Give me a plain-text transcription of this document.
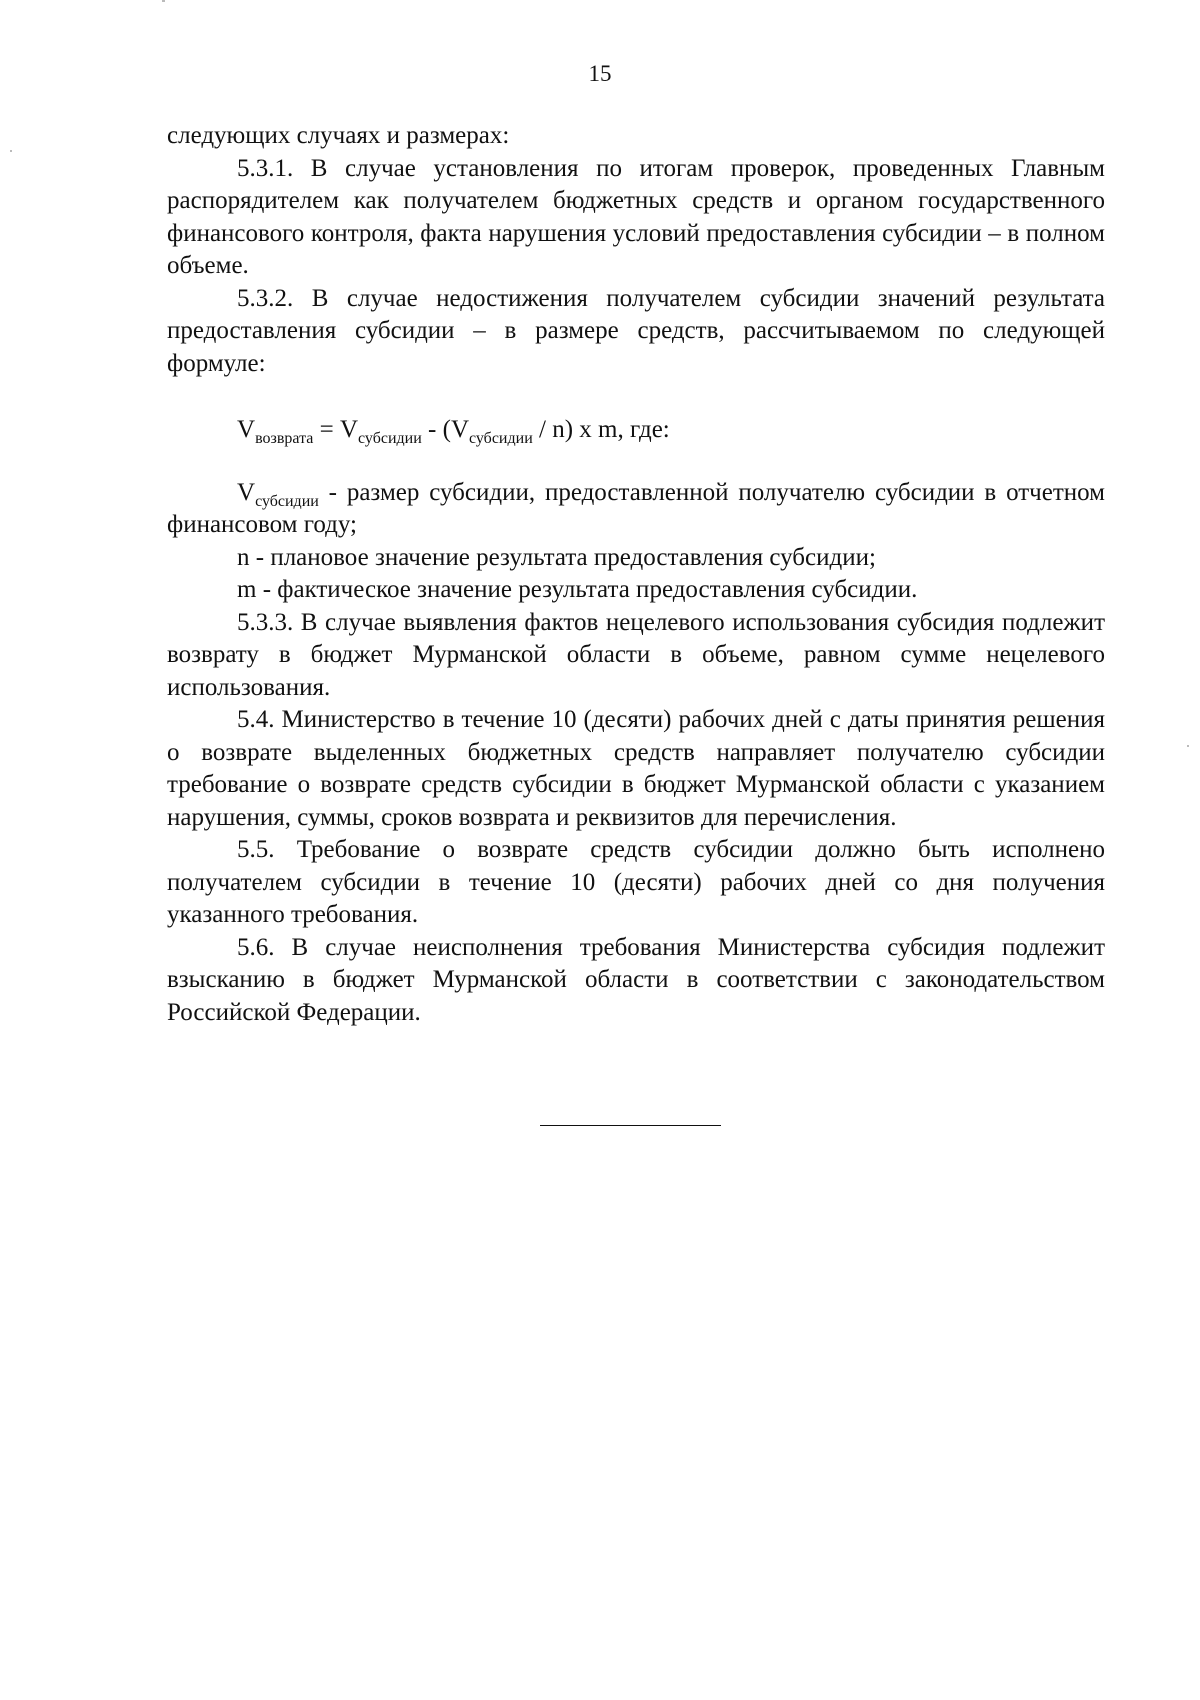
15

следующих случаях и размерах:

5.3.1. В случае установления по итогам проверок, проведенных Главным распорядителем как получателем бюджетных средств и органом государственного финансового контроля, факта нарушения условий предоставления субсидии – в полном объеме.

5.3.2. В случае недостижения получателем субсидии значений результата предоставления субсидии – в размере средств, рассчитываемом по следующей формуле:

$V_{возврата} = V_{субсидии} - (V_{субсидии} / n)$ x m, где:

$V_{субсидии}$ - размер субсидии, предоставленной получателю субсидии в отчетном финансовом году;

n - плановое значение результата предоставления субсидии;

m - фактическое значение результата предоставления субсидии.

5.3.3. В случае выявления фактов нецелевого использования субсидия подлежит возврату в бюджет Мурманской области в объеме, равном сумме нецелевого использования.

5.4. Министерство в течение 10 (десяти) рабочих дней с даты принятия решения о возврате выделенных бюджетных средств направляет получателю субсидии требование о возврате средств субсидии в бюджет Мурманской области с указанием нарушения, суммы, сроков возврата и реквизитов для перечисления.

5.5. Требование о возврате средств субсидии должно быть исполнено получателем субсидии в течение 10 (десяти) рабочих дней со дня получения указанного требования.

5.6. В случае неисполнения требования Министерства субсидия подлежит взысканию в бюджет Мурманской области в соответствии с законодательством Российской Федерации.
